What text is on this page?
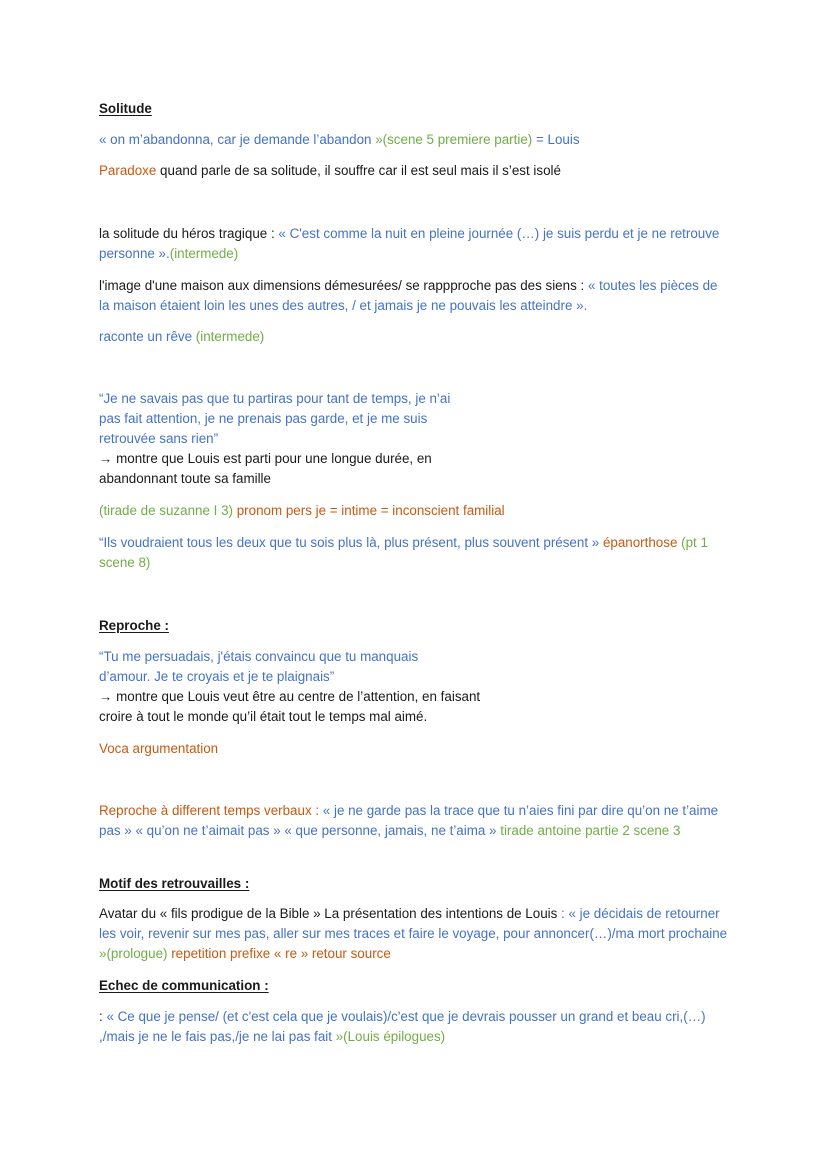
Solitude
« on m’abandonna, car je demande l’abandon »(scene 5 premiere partie) = Louis
Paradoxe quand parle de sa solitude, il souffre car il est seul mais il s’est isolé
la solitude du héros tragique : « C'est comme la nuit en pleine journée (…) je suis perdu et je ne retrouve personne ».(intermede)
l'image d'une maison aux dimensions démesurées/ se rappproche pas des siens : « toutes les pièces de la maison étaient loin les unes des autres, / et jamais je ne pouvais les atteindre ».
raconte un rêve (intermede)
“Je ne savais pas que tu partiras pour tant de temps, je n’ai
pas fait attention, je ne prenais pas garde, et je me suis
retrouvée sans rien”
→ montre que Louis est parti pour une longue durée, en
abandonnant toute sa famille
(tirade de suzanne I 3) pronom pers je = intime = inconscient familial
“Ils voudraient tous les deux que tu sois plus là, plus présent, plus souvent présent » épanorthose (pt 1 scene 8)
Reproche :
“Tu me persuadais, j'étais convaincu que tu manquais
d’amour. Je te croyais et je te plaignais”
→ montre que Louis veut être au centre de l’attention, en faisant
croire à tout le monde qu’il était tout le temps mal aimé.
Voca argumentation
Reproche à different temps verbaux : « je ne garde pas la trace que tu n’aies fini par dire qu’on ne t’aime pas » « qu’on ne t’aimait pas » « que personne, jamais, ne t’aima » tirade antoine partie 2 scene 3
Motif des retrouvailles :
Avatar du « fils prodigue de la Bible » La présentation des intentions de Louis : « je décidais de retourner les voir, revenir sur mes pas, aller sur mes traces et faire le voyage, pour annoncer(…)/ma mort prochaine »(prologue) repetition prefixe « re » retour source
Echec de communication :
: « Ce que je pense/ (et c'est cela que je voulais)/c'est que je devrais pousser un grand et beau cri,(…) ,/mais je ne le fais pas,/je ne lai pas fait »(Louis épilogues)
